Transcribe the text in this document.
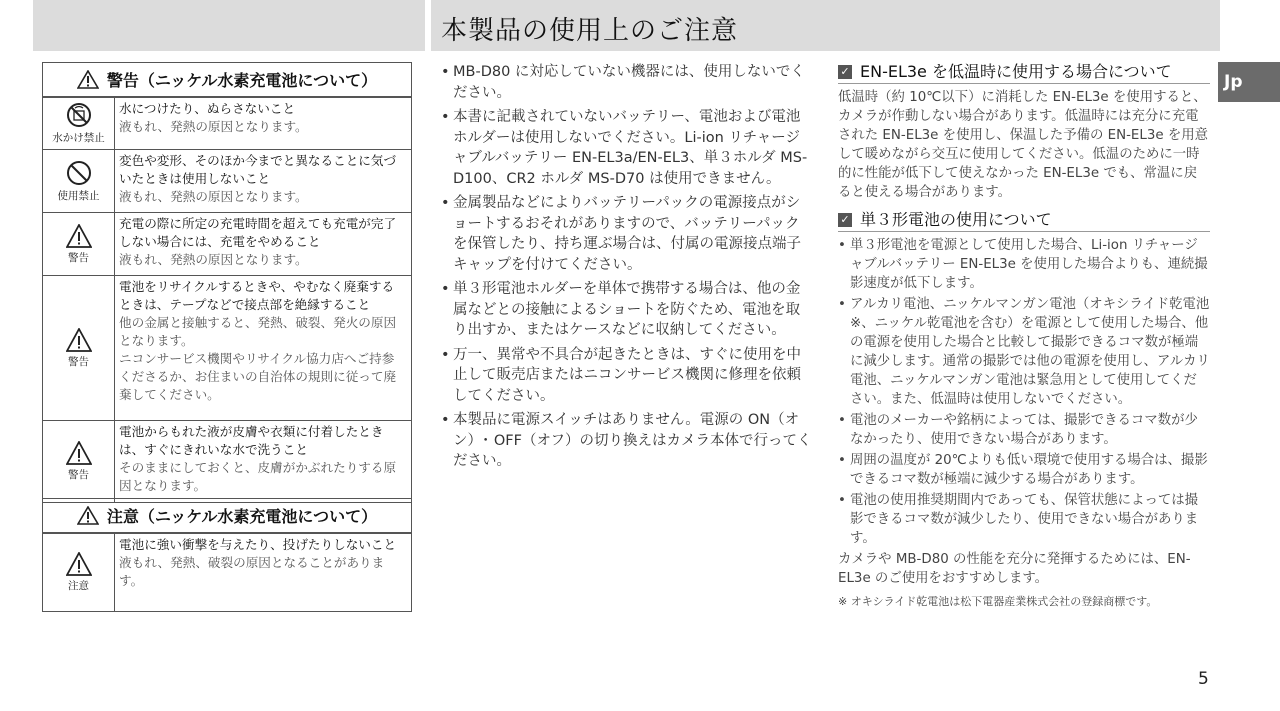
本製品の使用上のご注意
Jp
警告（ニッケル水素充電池について）
水かけ禁止
水につけたり、ぬらさないこと
液もれ、発熱の原因となります。
使用禁止
変色や変形、そのほか今までと異なることに気づいたときは使用しないこと
液もれ、発熱の原因となります。
警告
充電の際に所定の充電時間を超えても充電が完了しない場合には、充電をやめること
液もれ、発熱の原因となります。
警告
電池をリサイクルするときや、やむなく廃棄するときは、テープなどで接点部を絶縁すること
他の金属と接触すると、発熱、破裂、発火の原因となります。
ニコンサービス機関やリサイクル協力店へご持参くださるか、お住まいの自治体の規則に従って廃棄してください。
警告
電池からもれた液が皮膚や衣類に付着したときは、すぐにきれいな水で洗うこと
そのままにしておくと、皮膚がかぶれたりする原因となります。
注意（ニッケル水素充電池について）
注意
電池に強い衝撃を与えたり、投げたりしないこと
液もれ、発熱、破裂の原因となることがあります。

• MB-D80 に対応していない機器には、使用しないでください。

• 本書に記載されていないバッテリー、電池および電池ホルダーは使用しないでください。Li-ion リチャージャブルバッテリー EN-EL3a/EN-EL3、単３ホルダ MS-D100、CR2 ホルダ MS-D70 は使用できません。

• 金属製品などによりバッテリーパックの電源接点がショートするおそれがありますので、バッテリーパックを保管したり、持ち運ぶ場合は、付属の電源接点端子キャップを付けてください。

• 単３形電池ホルダーを単体で携帯する場合は、他の金属などとの接触によるショートを防ぐため、電池を取り出すか、またはケースなどに収納してください。

• 万一、異常や不具合が起きたときは、すぐに使用を中止して販売店またはニコンサービス機関に修理を依頼してください。

• 本製品に電源スイッチはありません。電源の ON（オン）･ OFF（オフ）の切り換えはカメラ本体で行ってください。

✓ EN-EL3e を低温時に使用する場合について

低温時（約 10℃以下）に消耗した EN-EL3e を使用すると、カメラが作動しない場合があります。低温時には充分に充電された EN-EL3e を使用し、保温した予備の EN-EL3e を用意して暖めながら交互に使用してください。低温のために一時的に性能が低下して使えなかった EN-EL3e でも、常温に戻ると使える場合があります。

✓ 単３形電池の使用について

• 単３形電池を電源として使用した場合、Li-ion リチャージャブルバッテリー EN-EL3e を使用した場合よりも、連続撮影速度が低下します。

• アルカリ電池、ニッケルマンガン電池（オキシライド乾電池※、ニッケル乾電池を含む）を電源として使用した場合、他の電源を使用した場合と比較して撮影できるコマ数が極端に減少します。通常の撮影では他の電源を使用し、アルカリ電池、ニッケルマンガン電池は緊急用として使用してください。また、低温時は使用しないでください。

• 電池のメーカーや銘柄によっては、撮影できるコマ数が少なかったり、使用できない場合があります。

• 周囲の温度が 20℃よりも低い環境で使用する場合は、撮影できるコマ数が極端に減少する場合があります。

• 電池の使用推奨期間内であっても、保管状態によっては撮影できるコマ数が減少したり、使用できない場合があります。

カメラや MB-D80 の性能を充分に発揮するためには、EN-EL3e のご使用をおすすめします。

※ オキシライド乾電池は松下電器産業株式会社の登録商標です。

5
